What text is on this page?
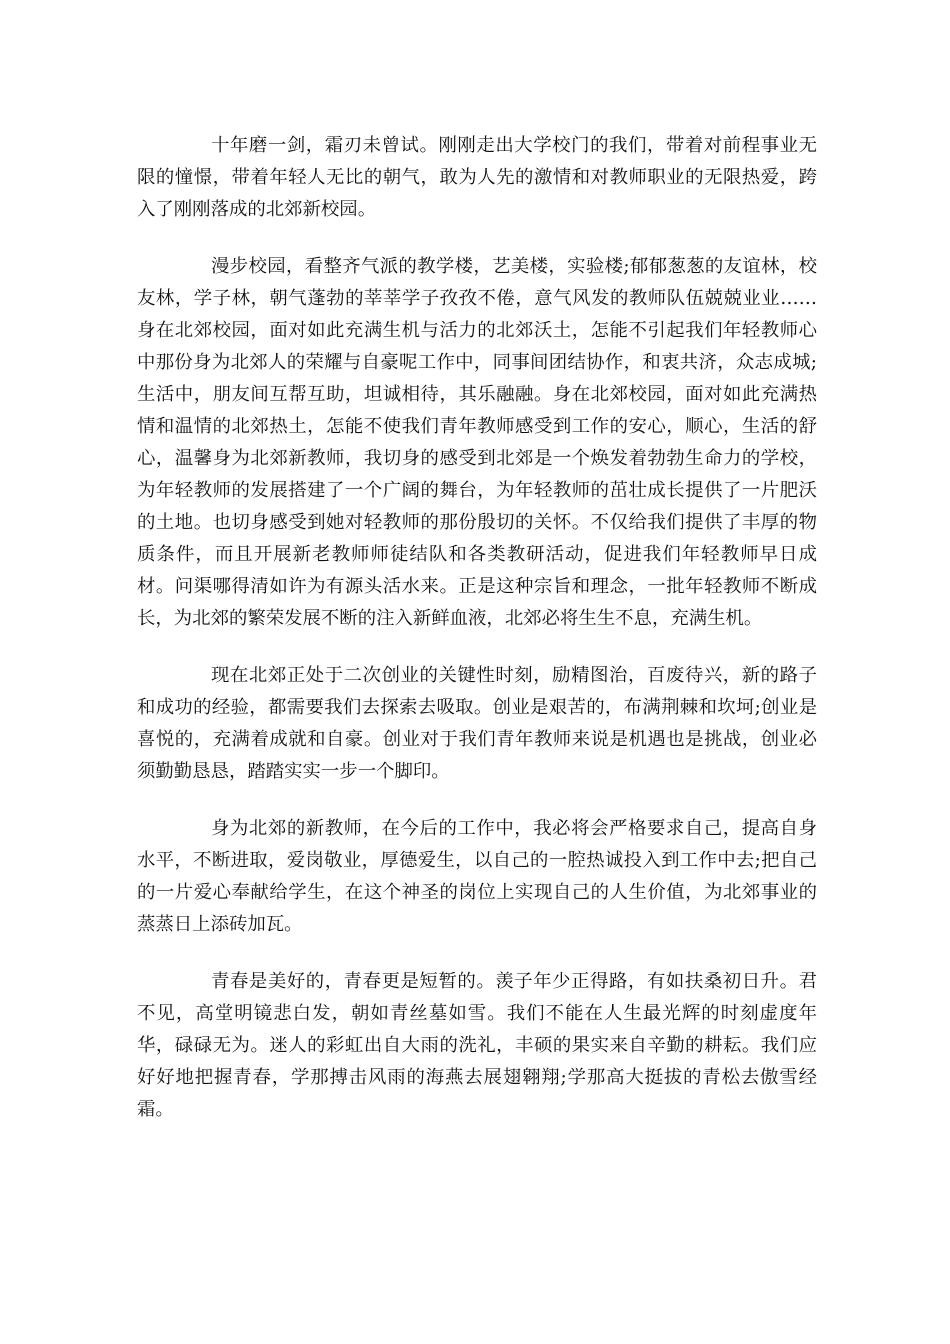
十年磨一剑，霜刃未曾试。刚刚走出大学校门的我们，带着对前程事业无限的憧憬，带着年轻人无比的朝气，敢为人先的激情和对教师职业的无限热爱，跨入了刚刚落成的北郊新校园。

漫步校园，看整齐气派的教学楼，艺美楼，实验楼;郁郁葱葱的友谊林，校友林，学子林，朝气蓬勃的莘莘学子孜孜不倦，意气风发的教师队伍兢兢业业……身在北郊校园，面对如此充满生机与活力的北郊沃土，怎能不引起我们年轻教师心中那份身为北郊人的荣耀与自豪呢工作中，同事间团结协作，和衷共济，众志成城;生活中，朋友间互帮互助，坦诚相待，其乐融融。身在北郊校园，面对如此充满热情和温情的北郊热土，怎能不使我们青年教师感受到工作的安心，顺心，生活的舒心，温馨身为北郊新教师，我切身的感受到北郊是一个焕发着勃勃生命力的学校，为年轻教师的发展搭建了一个广阔的舞台，为年轻教师的茁壮成长提供了一片肥沃的土地。也切身感受到她对轻教师的那份殷切的关怀。不仅给我们提供了丰厚的物质条件，而且开展新老教师师徒结队和各类教研活动，促进我们年轻教师早日成材。问渠哪得清如许为有源头活水来。正是这种宗旨和理念，一批年轻教师不断成长，为北郊的繁荣发展不断的注入新鲜血液，北郊必将生生不息，充满生机。

现在北郊正处于二次创业的关键性时刻，励精图治，百废待兴，新的路子和成功的经验，都需要我们去探索去吸取。创业是艰苦的，布满荆棘和坎坷;创业是喜悦的，充满着成就和自豪。创业对于我们青年教师来说是机遇也是挑战，创业必须勤勤恳恳，踏踏实实一步一个脚印。

身为北郊的新教师，在今后的工作中，我必将会严格要求自己，提高自身水平，不断进取，爱岗敬业，厚德爱生，以自己的一腔热诚投入到工作中去;把自己的一片爱心奉献给学生，在这个神圣的岗位上实现自己的人生价值，为北郊事业的蒸蒸日上添砖加瓦。

青春是美好的，青春更是短暂的。羡子年少正得路，有如扶桑初日升。君不见，高堂明镜悲白发，朝如青丝墓如雪。我们不能在人生最光辉的时刻虚度年华，碌碌无为。迷人的彩虹出自大雨的洗礼，丰硕的果实来自辛勤的耕耘。我们应好好地把握青春，学那搏击风雨的海燕去展翅翱翔;学那高大挺拔的青松去傲雪经霜。
